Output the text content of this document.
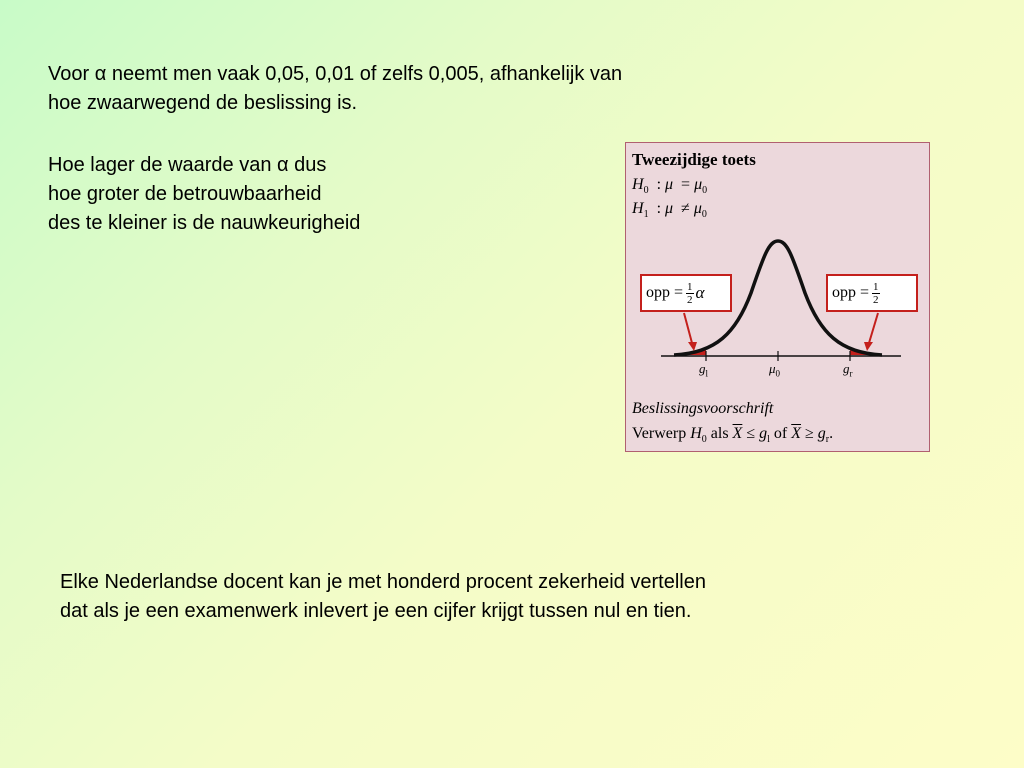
Voor α neemt men vaak 0,05, 0,01 of zelfs 0,005, afhankelijk van
hoe zwaarwegend de beslissing is.
Hoe lager de waarde van α dus
hoe groter de betrouwbaarheid
des te kleiner is de nauwkeurigheid
Tweezijdige toets
$H_0$ : $\mu = \mu_0$
$H_1$ : $\mu \ne \mu_0$
opp = $\frac{1}{2}$ α	opp = $\frac{1}{2}$
$g_l$	$\mu_0$	$g_r$
Beslissingsvoorschrift
Verwerp $H_0$ als $\overline{X} \le g_l$ of $\overline{X} \ge g_r$.
Elke Nederlandse docent kan je met honderd procent zekerheid vertellen
dat als je een examenwerk inlevert je een cijfer krijgt tussen nul en tien.
